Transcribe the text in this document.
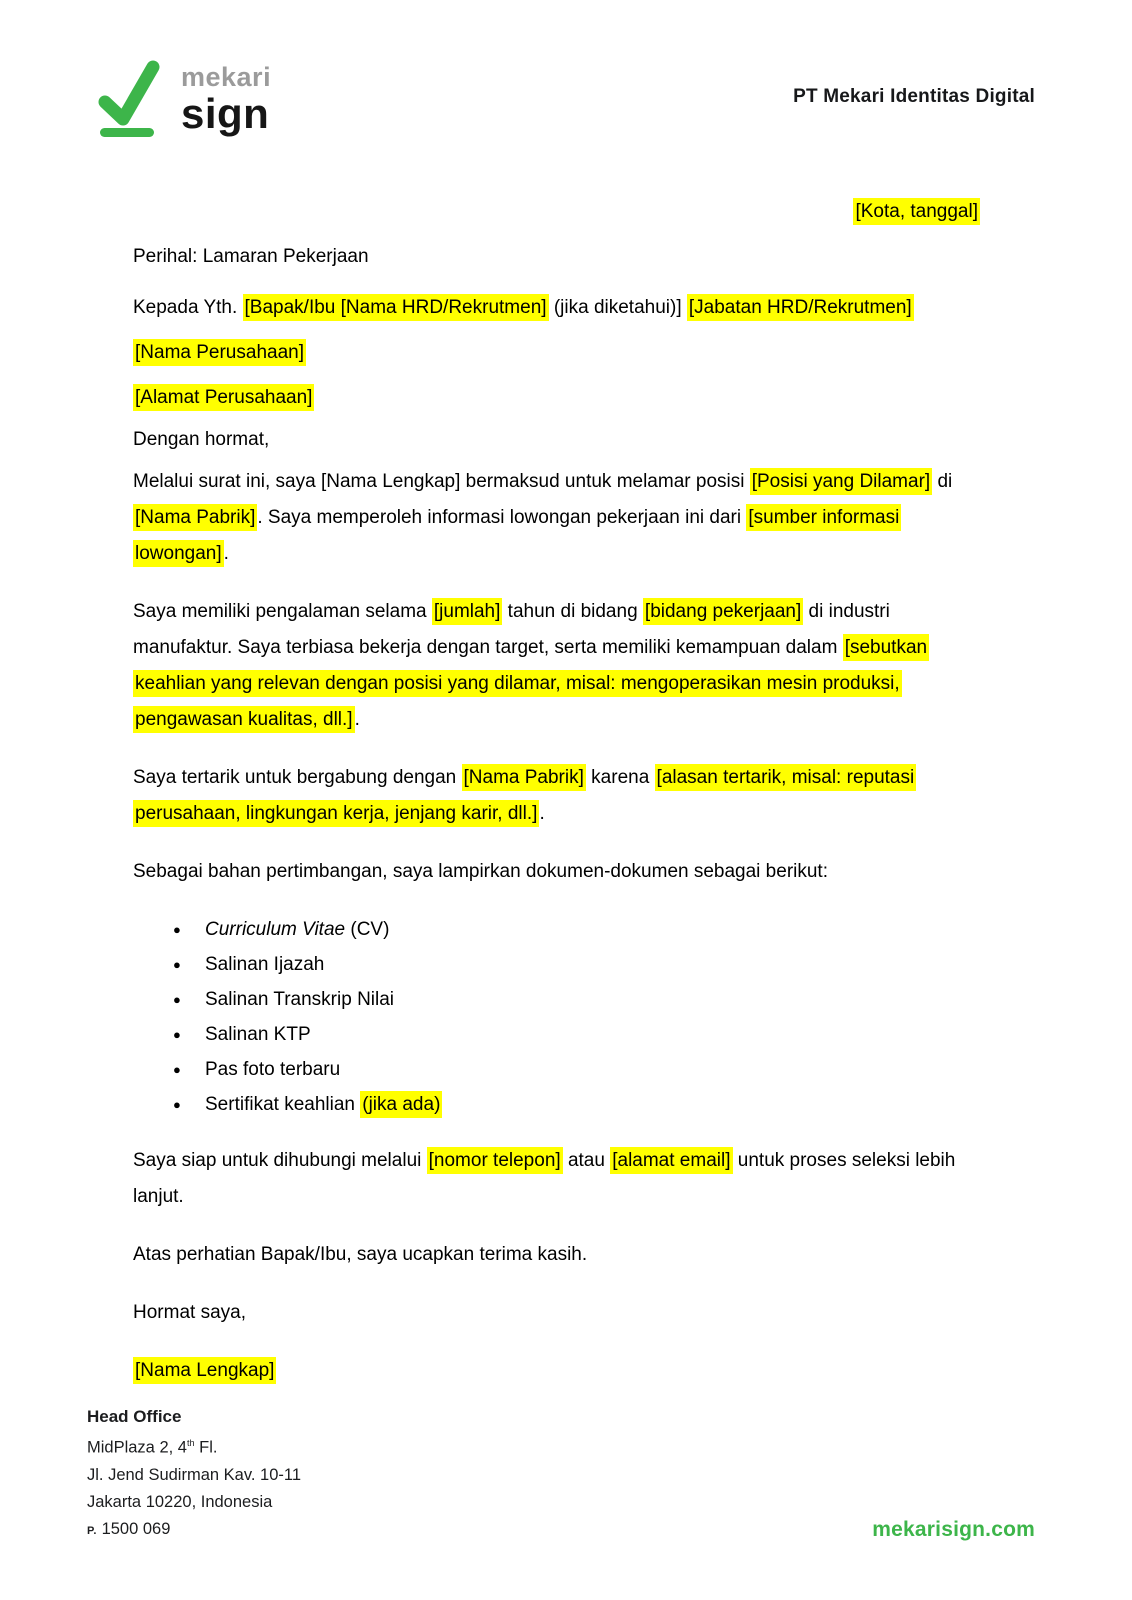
mekari
sign	PT Mekari Identitas Digital

[Kota, tanggal]

Perihal: Lamaran Pekerjaan

Kepada Yth. [Bapak/Ibu [Nama HRD/Rekrutmen] (jika diketahui)] [Jabatan HRD/Rekrutmen]

[Nama Perusahaan]

[Alamat Perusahaan]

Dengan hormat,

Melalui surat ini, saya [Nama Lengkap] bermaksud untuk melamar posisi [Posisi yang Dilamar] di [Nama Pabrik] . Saya memperoleh informasi lowongan pekerjaan ini dari [sumber informasi lowongan] .

Saya memiliki pengalaman selama [jumlah] tahun di bidang [bidang pekerjaan] di industri manufaktur. Saya terbiasa bekerja dengan target, serta memiliki kemampuan dalam [sebutkan keahlian yang relevan dengan posisi yang dilamar, misal: mengoperasikan mesin produksi, pengawasan kualitas, dll.] .

Saya tertarik untuk bergabung dengan [Nama Pabrik] karena [alasan tertarik, misal: reputasi perusahaan, lingkungan kerja, jenjang karir, dll.] .

Sebagai bahan pertimbangan, saya lampirkan dokumen-dokumen sebagai berikut:

● Curriculum Vitae (CV)
● Salinan Ijazah
● Salinan Transkrip Nilai
● Salinan KTP
● Pas foto terbaru
● Sertifikat keahlian (jika ada)

Saya siap untuk dihubungi melalui [nomor telepon] atau [alamat email] untuk proses seleksi lebih lanjut.

Atas perhatian Bapak/Ibu, saya ucapkan terima kasih.

Hormat saya,

[Nama Lengkap]

Head Office
MidPlaza 2, 4th Fl.
Jl. Jend Sudirman Kav. 10-11
Jakarta 10220, Indonesia
P. 1500 069	mekarisign.com
